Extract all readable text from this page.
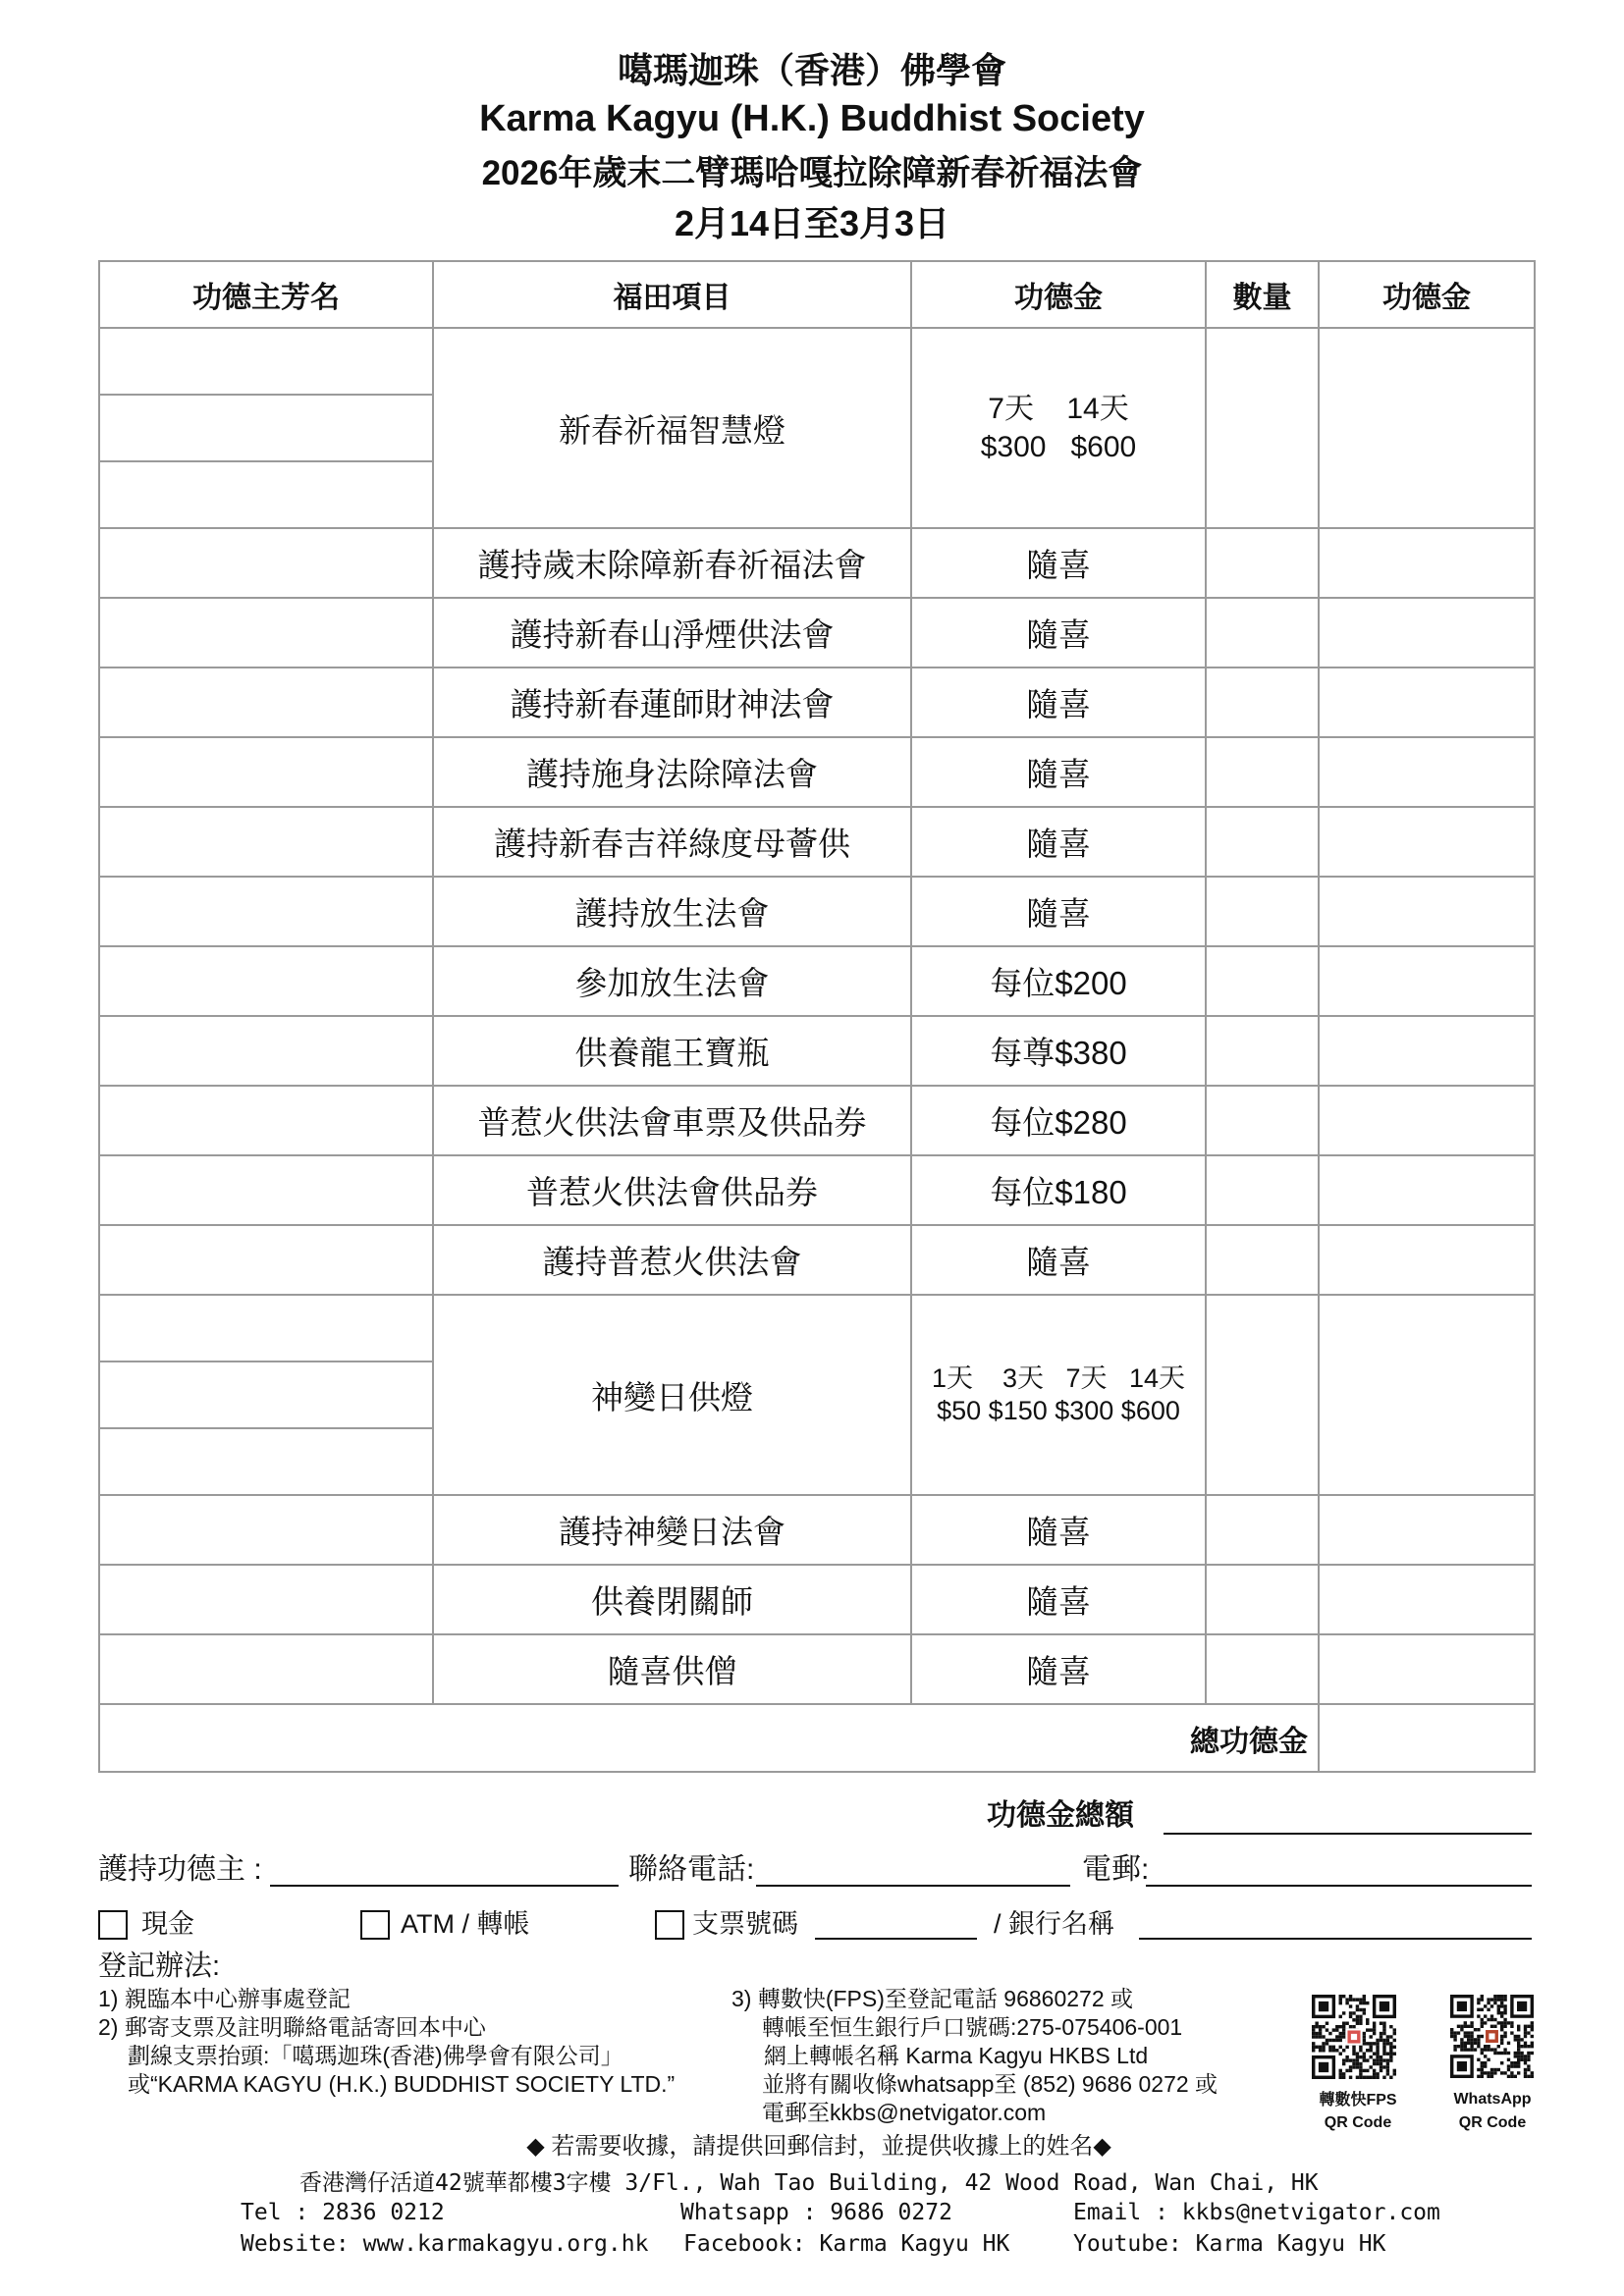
噶瑪迦珠（香港）佛學會
Karma Kagyu (H.K.) Buddhist Society
2026年歲末二臂瑪哈嘎拉除障新春祈福法會
2月14日至3月3日
功德主芳名	福田項目	功德金	數量	功德金
	新春祈福智慧燈	7天    14天
$300   $600		

	護持歲末除障新春祈福法會	隨喜		
	護持新春山淨煙供法會	隨喜		
	護持新春蓮師財神法會	隨喜		
	護持施身法除障法會	隨喜		
	護持新春吉祥綠度母薈供	隨喜		
	護持放生法會	隨喜		
	參加放生法會	每位$200		
	供養龍王寶瓶	每尊$380		
	普惹火供法會車票及供品券	每位$280		
	普惹火供法會供品券	每位$180		
	護持普惹火供法會	隨喜		
	神變日供燈	1天    3天   7天   14天
$50 $150 $300 $600		

	護持神變日法會	隨喜		
	供養閉關師	隨喜		
	隨喜供僧	隨喜		
總功德金				
功德金總額
護持功德主 :	聯絡電話:	電郵:
現金	ATM / 轉帳	支票號碼	/ 銀行名稱
登記辦法:
1) 親臨本中心辦事處登記
2) 郵寄支票及註明聯絡電話寄回本中心
劃線支票抬頭:「噶瑪迦珠(香港)佛學會有限公司」
或“KARMA KAGYU (H.K.) BUDDHIST SOCIETY LTD.”
3) 轉數快(FPS)至登記電話 96860272 或
轉帳至恒生銀行戶口號碼:275-075406-001
網上轉帳名稱 Karma Kagyu HKBS Ltd
並將有關收條whatsapp至 (852) 9686 0272 或
電郵至kkbs@netvigator.com	轉數快FPS
QR Code
WhatsApp
QR Code
◆ 若需要收據，請提供回郵信封，並提供收據上的姓名◆
香港灣仔活道42號華都樓3字樓 3/Fl., Wah Tao Building, 42 Wood Road, Wan Chai, HK
Tel : 2836 0212	Whatsapp : 9686 0272	Email : kkbs@netvigator.com
Website: www.karmakagyu.org.hk Facebook: Karma Kagyu HK	Youtube: Karma Kagyu HK
